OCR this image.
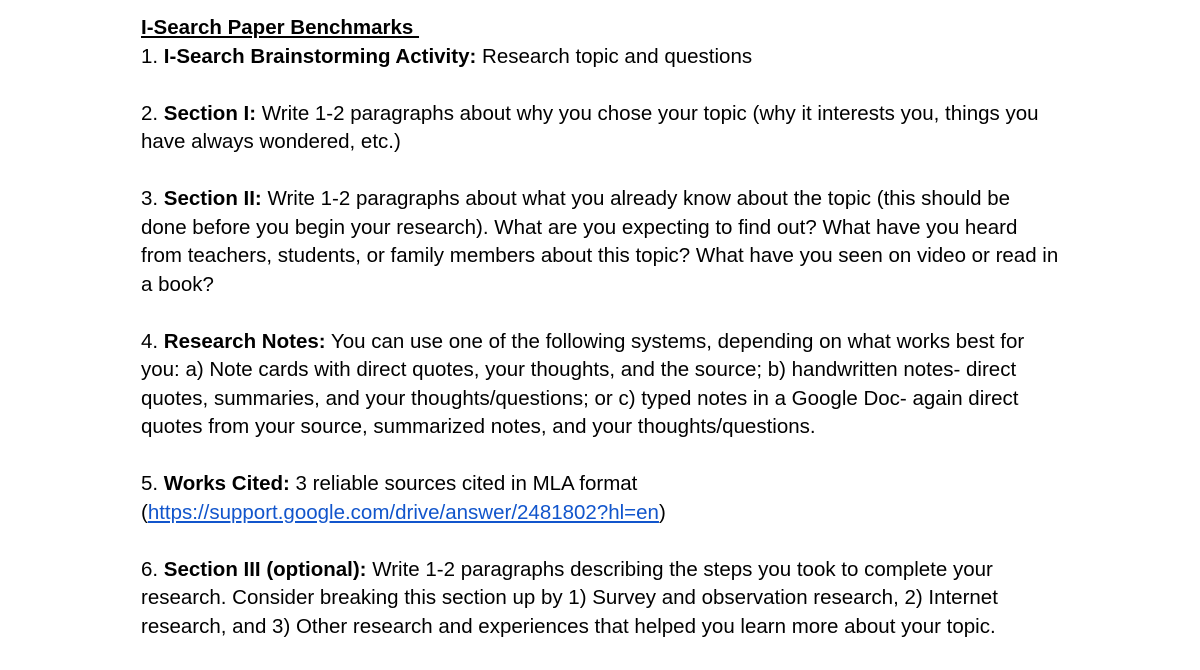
I-Search Paper Benchmarks
1. I-Search Brainstorming Activity: Research topic and questions
2. Section I: Write 1-2 paragraphs about why you chose your topic (why it interests you, things you have always wondered, etc.)
3. Section II: Write 1-2 paragraphs about what you already know about the topic (this should be done before you begin your research). What are you expecting to find out? What have you heard from teachers, students, or family members about this topic? What have you seen on video or read in a book?
4. Research Notes: You can use one of the following systems, depending on what works best for you: a) Note cards with direct quotes, your thoughts, and the source; b) handwritten notes- direct quotes, summaries, and your thoughts/questions; or c) typed notes in a Google Doc- again direct quotes from your source, summarized notes, and your thoughts/questions.
5. Works Cited: 3 reliable sources cited in MLA format (https://support.google.com/drive/answer/2481802?hl=en)
6. Section III (optional): Write 1-2 paragraphs describing the steps you took to complete your research. Consider breaking this section up by 1) Survey and observation research, 2) Internet research, and 3) Other research and experiences that helped you learn more about your topic.
